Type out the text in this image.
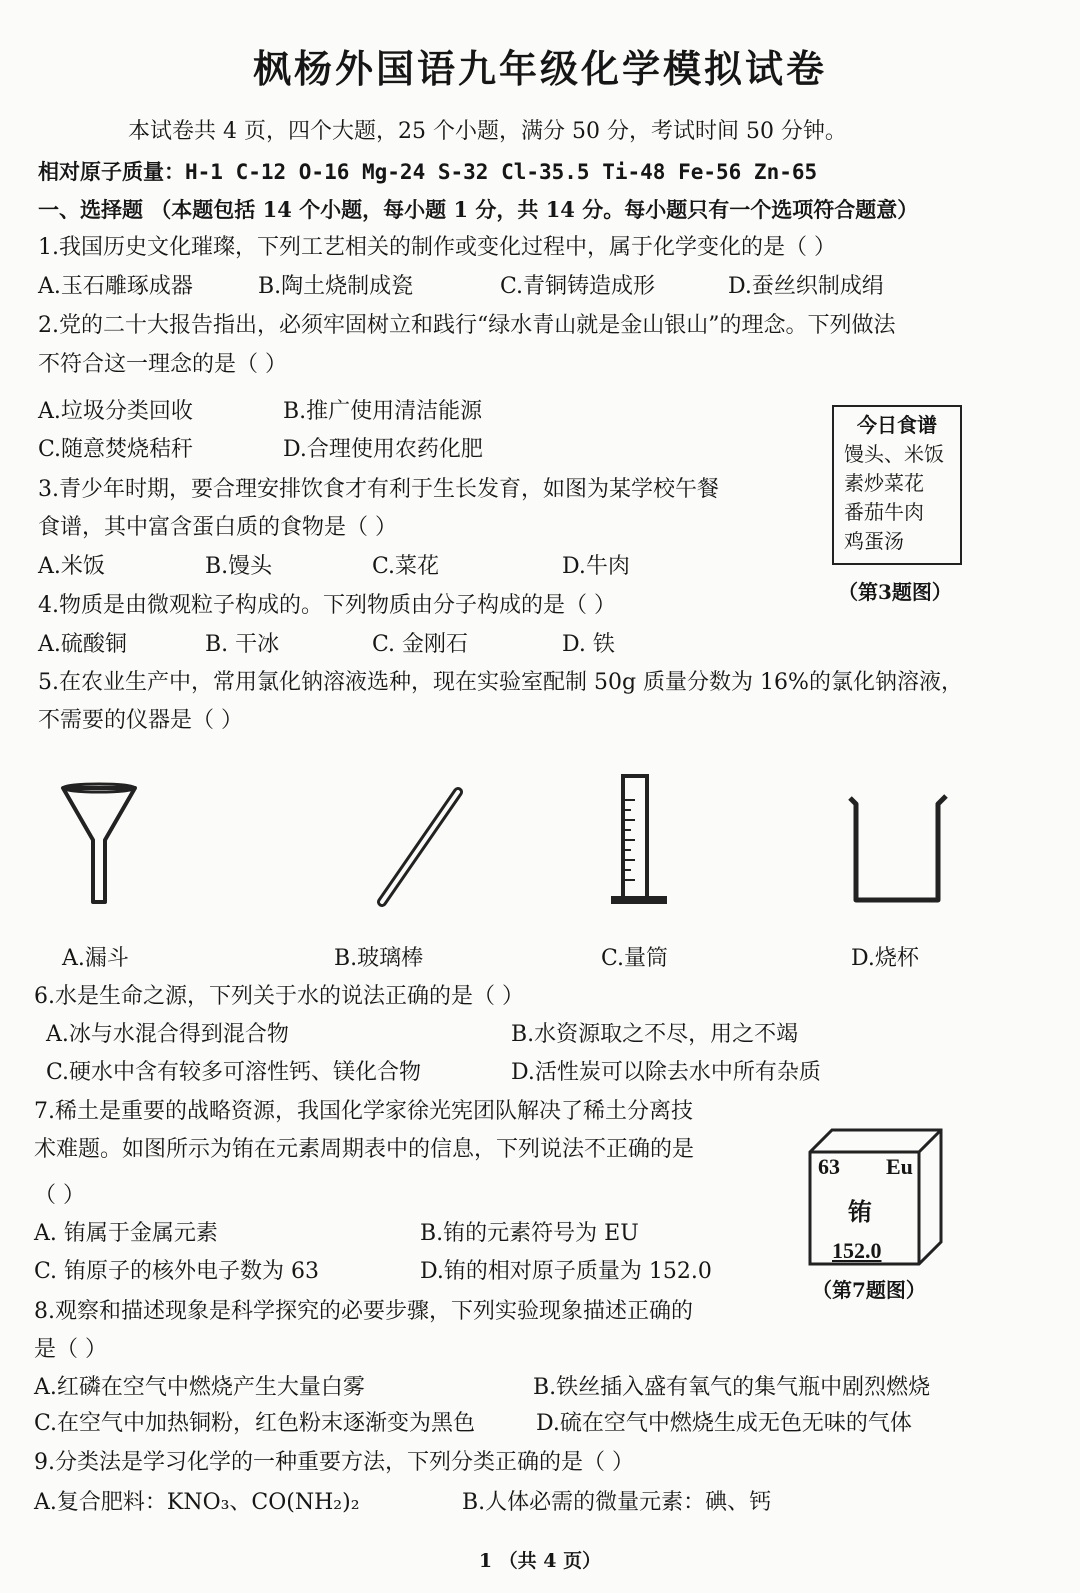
枫杨外国语九年级化学模拟试卷
本试卷共 4 页，四个大题，25 个小题，满分 50 分，考试时间 50 分钟。
相对原子质量：H-1 C-12 O-16 Mg-24 S-32 Cl-35.5 Ti-48 Fe-56 Zn-65
一、选择题 （本题包括 14 个小题，每小题 1 分，共 14 分。每小题只有一个选项符合题意）
1.我国历史文化璀璨，下列工艺相关的制作或变化过程中，属于化学变化的是（ ）
A.玉石雕琢成器	B.陶土烧制成瓷	C.青铜铸造成形	D.蚕丝织制成绢
2.党的二十大报告指出，必须牢固树立和践行“绿水青山就是金山银山”的理念。下列做法
不符合这一理念的是（ ）
A.垃圾分类回收	B.推广使用清洁能源
C.随意焚烧秸秆	D.合理使用农药化肥
今日食谱
馒头、米饭
素炒菜花
番茄牛肉
鸡蛋汤
（第3题图）
3.青少年时期，要合理安排饮食才有利于生长发育，如图为某学校午餐
食谱，其中富含蛋白质的食物是（ ）
A.米饭	B.馒头	C.菜花	D.牛肉
4.物质是由微观粒子构成的。下列物质由分子构成的是（ ）
A.硫酸铜	B. 干冰	C. 金刚石	D. 铁
5.在农业生产中，常用氯化钠溶液选种，现在实验室配制 50g 质量分数为 16%的氯化钠溶液，
不需要的仪器是（ ）
A.漏斗	B.玻璃棒	C.量筒	D.烧杯
6.水是生命之源，下列关于水的说法正确的是（ ）
A.冰与水混合得到混合物	B.水资源取之不尽，用之不竭
C.硬水中含有较多可溶性钙、镁化合物	D.活性炭可以除去水中所有杂质
7.稀土是重要的战略资源，我国化学家徐光宪团队解决了稀土分离技
术难题。如图所示为铕在元素周期表中的信息，下列说法不正确的是
（ ）
A. 铕属于金属元素	B.铕的元素符号为 EU
C. 铕原子的核外电子数为 63	D.铕的相对原子质量为 152.0
63 Eu
铕
152.0
（第7题图）
8.观察和描述现象是科学探究的必要步骤，下列实验现象描述正确的
是（ ）
A.红磷在空气中燃烧产生大量白雾	B.铁丝插入盛有氧气的集气瓶中剧烈燃烧
C.在空气中加热铜粉，红色粉末逐渐变为黑色	D.硫在空气中燃烧生成无色无味的气体
9.分类法是学习化学的一种重要方法，下列分类正确的是（ ）
A.复合肥料：KNO₃、CO(NH₂)₂	B.人体必需的微量元素：碘、钙
1 （共 4 页）
